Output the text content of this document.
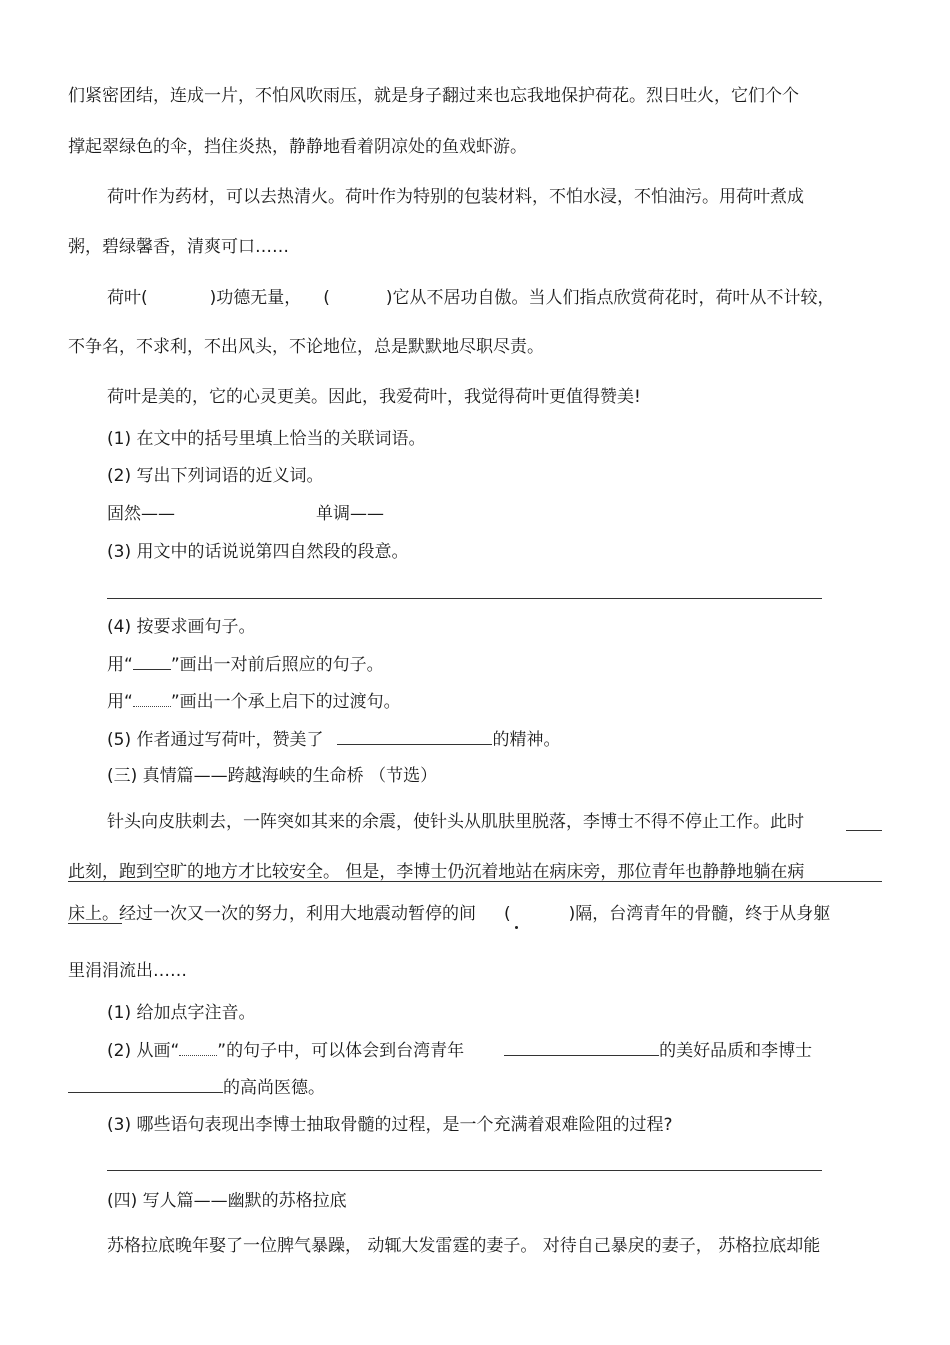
们紧密团结，连成一片，不怕风吹雨压，就是身子翻过来也忘我地保护荷花。烈日吐火，它们个个
撑起翠绿色的伞，挡住炎热，静静地看着阴凉处的鱼戏虾游。
荷叶作为药材，可以去热清火。荷叶作为特别的包装材料，不怕水浸，不怕油污。用荷叶煮成
粥，碧绿馨香，清爽可口……
荷叶(	)功德无量， (	)它从不居功自傲。当人们指点欣赏荷花时，荷叶从不计较，
不争名，不求利，不出风头，不论地位，总是默默地尽职尽责。
荷叶是美的，它的心灵更美。因此，我爱荷叶，我觉得荷叶更值得赞美!
(1) 在文中的括号里填上恰当的关联词语。
(2) 写出下列词语的近义词。
固然——	单调——
(3) 用文中的话说说第四自然段的段意。
(4) 按要求画句子。
用“ ”画出一对前后照应的句子。
用“ ”画出一个承上启下的过渡句。
(5) 作者通过写荷叶，赞美了	的精神。
(三) 真情篇——跨越海峡的生命桥 （节选）
针头向皮肤刺去，一阵突如其来的余震，使针头从肌肤里脱落，李博士不得不停止工作。此时
此刻，跑到空旷的地方才比较安全。 但是，李博士仍沉着地站在病床旁，那位青年也静静地躺在病
床上。经过一次又一次的努力，利用大地震动暂停的间 (	)隔，台湾青年的骨髓，终于从身躯
里涓涓流出……
(1) 给加点字注音。
(2) 从画“ ”的句子中，可以体会到台湾青年	的美好品质和李博士
的高尚医德。
(3) 哪些语句表现出李博士抽取骨髓的过程，是一个充满着艰难险阻的过程?
(四) 写人篇——幽默的苏格拉底
苏格拉底晚年娶了一位脾气暴躁， 动辄大发雷霆的妻子。 对待自己暴戾的妻子， 苏格拉底却能
